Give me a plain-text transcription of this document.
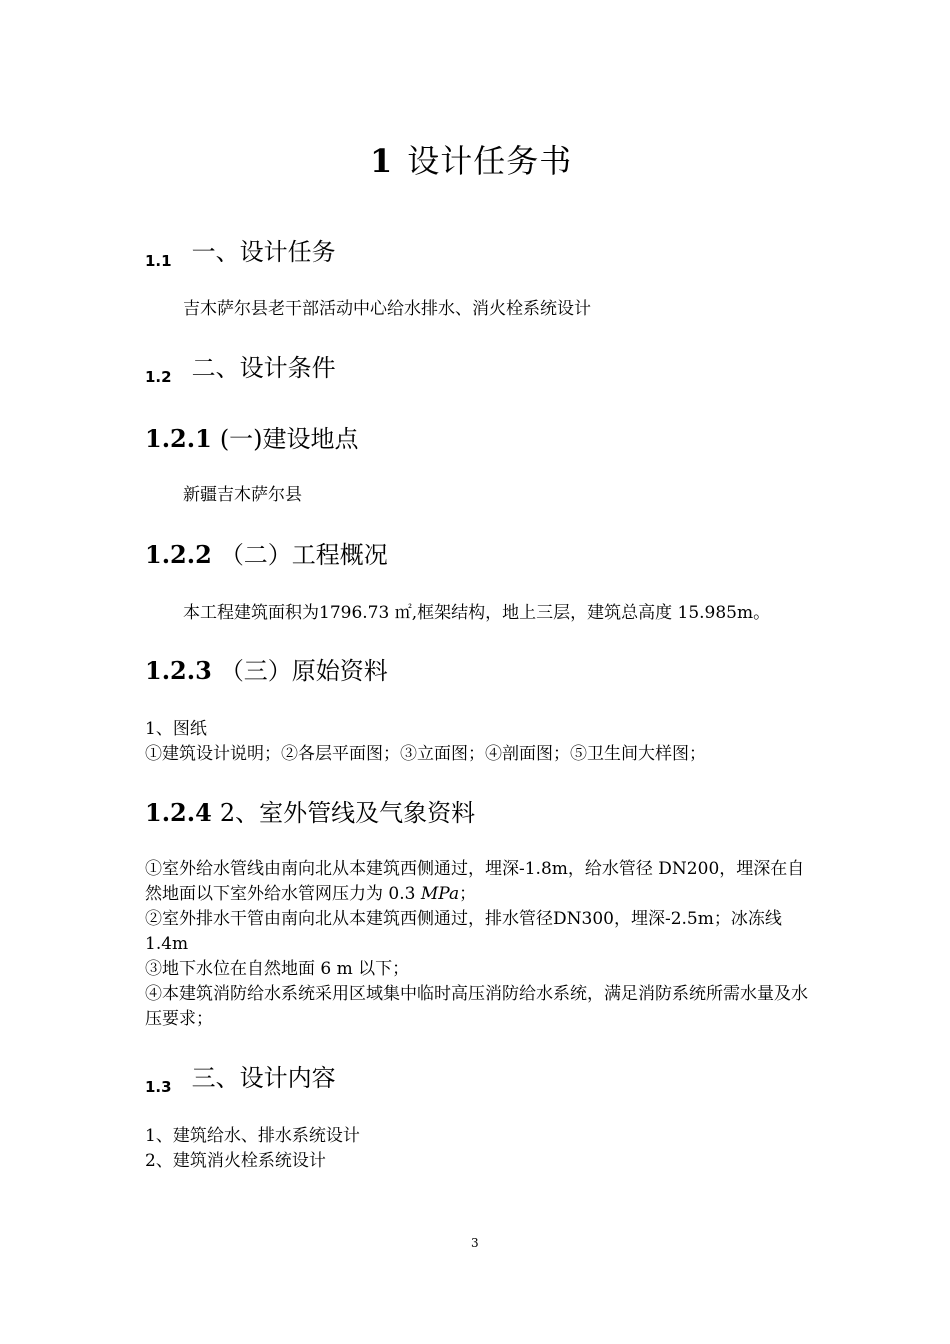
1 设计任务书
$_{1.1}$ 一、设计任务
吉木萨尔县老干部活动中心给水排水、消火栓系统设计
$_{1.2}$ 二、设计条件
1.2.1 (一)建设地点
新疆吉木萨尔县
1.2.2 （二）工程概况
本工程建筑面积为1796.73 ㎡,框架结构，地上三层，建筑总高度 15.985m。
1.2.3 （三）原始资料
1、图纸
①建筑设计说明；②各层平面图；③立面图；④剖面图；⑤卫生间大样图；
1.2.4 2、室外管线及气象资料
①室外给水管线由南向北从本建筑西侧通过，埋深-1.8m，给水管径 DN200，埋深在自然地面以下室外给水管网压力为 0.3 MPa；
②室外排水干管由南向北从本建筑西侧通过，排水管径DN300，埋深-2.5m；冰冻线 1.4m
③地下水位在自然地面 6 m 以下；
④本建筑消防给水系统采用区域集中临时高压消防给水系统，满足消防系统所需水量及水压要求；
$_{1.3}$ 三、设计内容
1、建筑给水、排水系统设计
2、建筑消火栓系统设计
3
